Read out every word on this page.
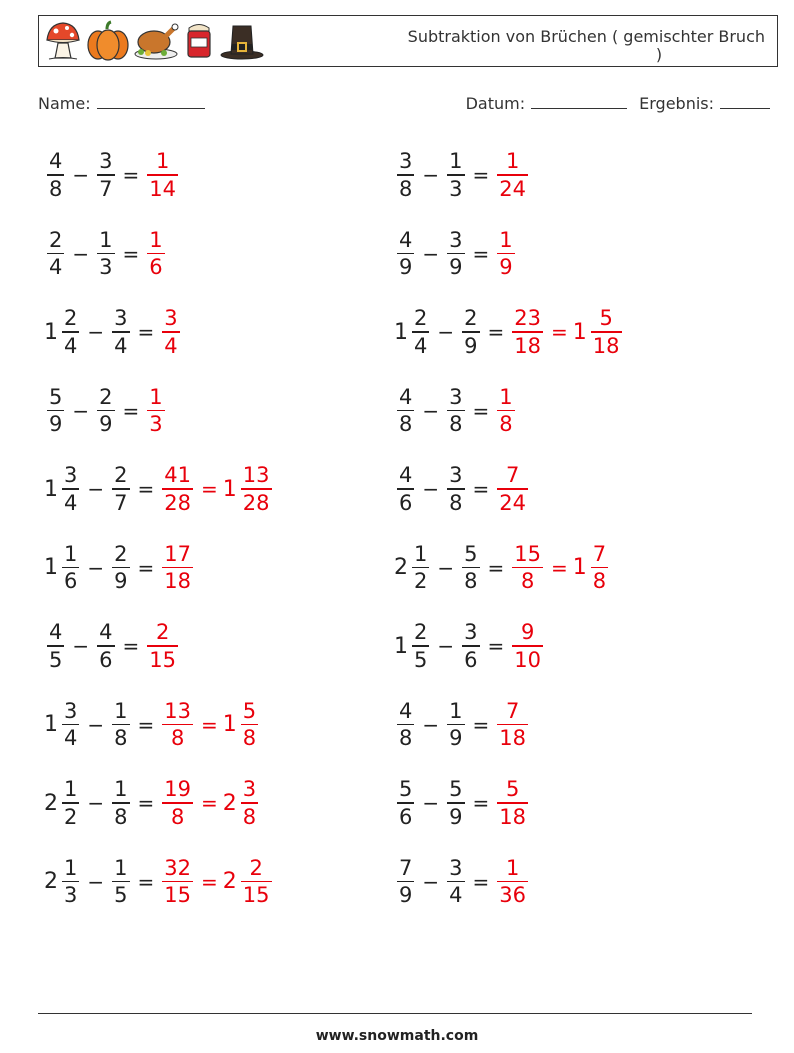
Subtraktion von Brüchen ( gemischter Bruch
)
Name:	Datum:	Ergebnis:
$\frac{4}{8} - \frac{3}{7} = \frac{1}{14}$
$\frac{2}{4} - \frac{1}{3} = \frac{1}{6}$
$1 \frac{2}{4} - \frac{3}{4} = \frac{3}{4}$
$\frac{5}{9} - \frac{2}{9} = \frac{1}{3}$
$1 \frac{3}{4} - \frac{2}{7} = \frac{41}{28} = 1 \frac{13}{28}$
$1 \frac{1}{6} - \frac{2}{9} = \frac{17}{18}$
$\frac{4}{5} - \frac{4}{6} = \frac{2}{15}$
$1 \frac{3}{4} - \frac{1}{8} = \frac{13}{8} = 1 \frac{5}{8}$
$2 \frac{1}{2} - \frac{1}{8} = \frac{19}{8} = 2 \frac{3}{8}$
$2 \frac{1}{3} - \frac{1}{5} = \frac{32}{15} = 2 \frac{2}{15}$
$\frac{3}{8} - \frac{1}{3} = \frac{1}{24}$
$\frac{4}{9} - \frac{3}{9} = \frac{1}{9}$
$1 \frac{2}{4} - \frac{2}{9} = \frac{23}{18} = 1 \frac{5}{18}$
$\frac{4}{8} - \frac{3}{8} = \frac{1}{8}$
$\frac{4}{6} - \frac{3}{8} = \frac{7}{24}$
$2 \frac{1}{2} - \frac{5}{8} = \frac{15}{8} = 1 \frac{7}{8}$
$1 \frac{2}{5} - \frac{3}{6} = \frac{9}{10}$
$\frac{4}{8} - \frac{1}{9} = \frac{7}{18}$
$\frac{5}{6} - \frac{5}{9} = \frac{5}{18}$
$\frac{7}{9} - \frac{3}{4} = \frac{1}{36}$
www.snowmath.com
